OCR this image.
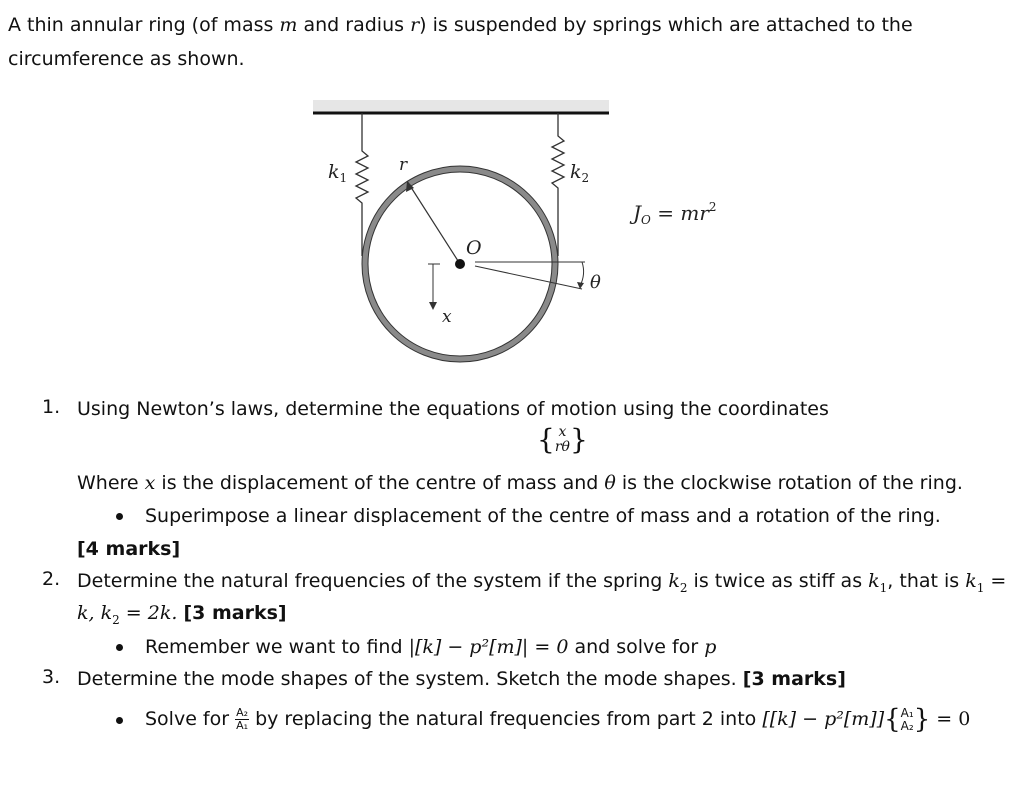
A thin annular ring (of mass m and radius r) is suspended by springs which are attached to the circumference as shown.
$k_1$
r	$k_2$
O
x
θ
$J_O = mr^2$
1. Using Newton’s laws, determine the equations of motion using the coordinates
{ x
rθ }
Where x is the displacement of the centre of mass and θ is the clockwise rotation of the ring.
Superimpose a linear displacement of the centre of mass and a rotation of the ring.
[4 marks]
2. Determine the natural frequencies of the system if the spring $k_2$ is twice as stiff as $k_1$, that is $k_1$ =
k, $k_2 = 2k$. [3 marks]
Remember we want to find |[k] − p²[m]| = 0 and solve for p
3. Determine the mode shapes of the system. Sketch the mode shapes. [3 marks]
Solve for $\frac{\text{A₂}}{\text{A₁}}$ by replacing the natural frequencies from part 2 into [[k] − p²[m]]{ A₁
A₂ } = 0
